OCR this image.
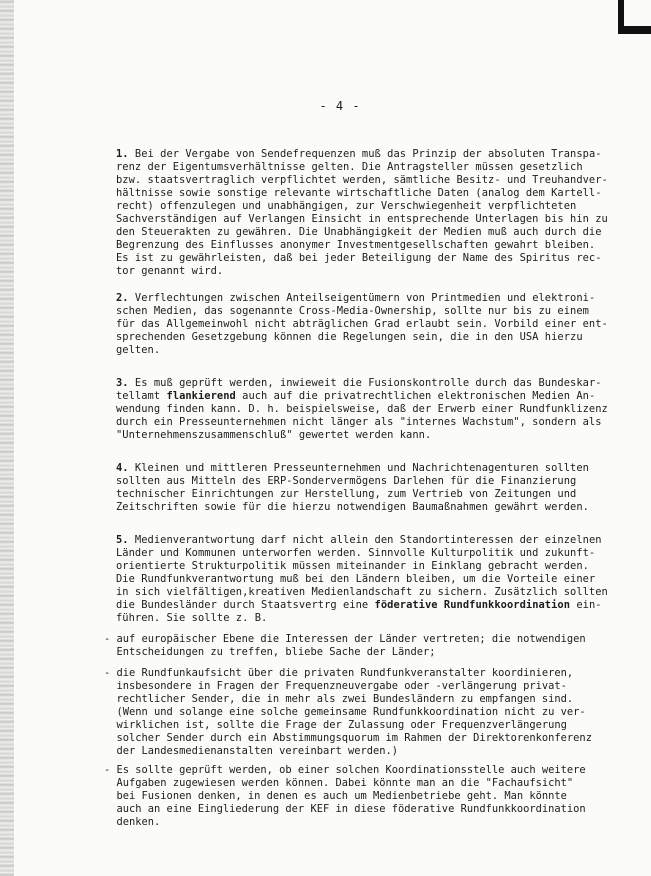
- 4 -
1. Bei der Vergabe von Sendefrequenzen muß das Prinzip der absoluten Transpa-
renz der Eigentumsverhältnisse gelten. Die Antragsteller müssen gesetzlich
bzw. staatsvertraglich verpflichtet werden, sämtliche Besitz- und Treuhandver-
hältnisse sowie sonstige relevante wirtschaftliche Daten (analog dem Kartell-
recht) offenzulegen und unabhängigen, zur Verschwiegenheit verpflichteten
Sachverständigen auf Verlangen Einsicht in entsprechende Unterlagen bis hin zu
den Steuerakten zu gewähren. Die Unabhängigkeit der Medien muß auch durch die
Begrenzung des Einflusses anonymer Investmentgesellschaften gewahrt bleiben.
Es ist zu gewährleisten, daß bei jeder Beteiligung der Name des Spiritus rec-
tor genannt wird.
2. Verflechtungen zwischen Anteilseigentümern von Printmedien und elektroni-
schen Medien, das sogenannte Cross-Media-Ownership, sollte nur bis zu einem
für das Allgemeinwohl nicht abträglichen Grad erlaubt sein. Vorbild einer ent-
sprechenden Gesetzgebung können die Regelungen sein, die in den USA hierzu
gelten.
3. Es muß geprüft werden, inwieweit die Fusionskontrolle durch das Bundeskar-
tellamt flankierend auch auf die privatrechtlichen elektronischen Medien An-
wendung finden kann. D. h. beispielsweise, daß der Erwerb einer Rundfunklizenz
durch ein Presseunternehmen nicht länger als "internes Wachstum", sondern als
"Unternehmenszusammenschluß" gewertet werden kann.
4. Kleinen und mittleren Presseunternehmen und Nachrichtenagenturen sollten
sollten aus Mitteln des ERP-Sondervermögens Darlehen für die Finanzierung
technischer Einrichtungen zur Herstellung, zum Vertrieb von Zeitungen und
Zeitschriften sowie für die hierzu notwendigen Baumaßnahmen gewährt werden.
5. Medienverantwortung darf nicht allein den Standortinteressen der einzelnen
Länder und Kommunen unterworfen werden. Sinnvolle Kulturpolitik und zukunft-
orientierte Strukturpolitik müssen miteinander in Einklang gebracht werden.
Die Rundfunkverantwortung muß bei den Ländern bleiben, um die Vorteile einer
in sich vielfältigen,kreativen Medienlandschaft zu sichern. Zusätzlich sollten
die Bundesländer durch Staatsvertrg eine föderative Rundfunkkoordination ein-
führen. Sie sollte z. B.
- auf europäischer Ebene die Interessen der Länder vertreten; die notwendigen
Entscheidungen zu treffen, bliebe Sache der Länder;
- die Rundfunkaufsicht über die privaten Rundfunkveranstalter koordinieren,
insbesondere in Fragen der Frequenzneuvergabe oder -verlängerung privat-
rechtlicher Sender, die in mehr als zwei Bundesländern zu empfangen sind.
(Wenn und solange eine solche gemeinsame Rundfunkkoordination nicht zu ver-
wirklichen ist, sollte die Frage der Zulassung oder Frequenzverlängerung
solcher Sender durch ein Abstimmungsquorum im Rahmen der Direktorenkonferenz
der Landesmedienanstalten vereinbart werden.)
- Es sollte geprüft werden, ob einer solchen Koordinationsstelle auch weitere
Aufgaben zugewiesen werden können. Dabei könnte man an die "Fachaufsicht"
bei Fusionen denken, in denen es auch um Medienbetriebe geht. Man könnte
auch an eine Eingliederung der KEF in diese föderative Rundfunkkoordination
denken.
